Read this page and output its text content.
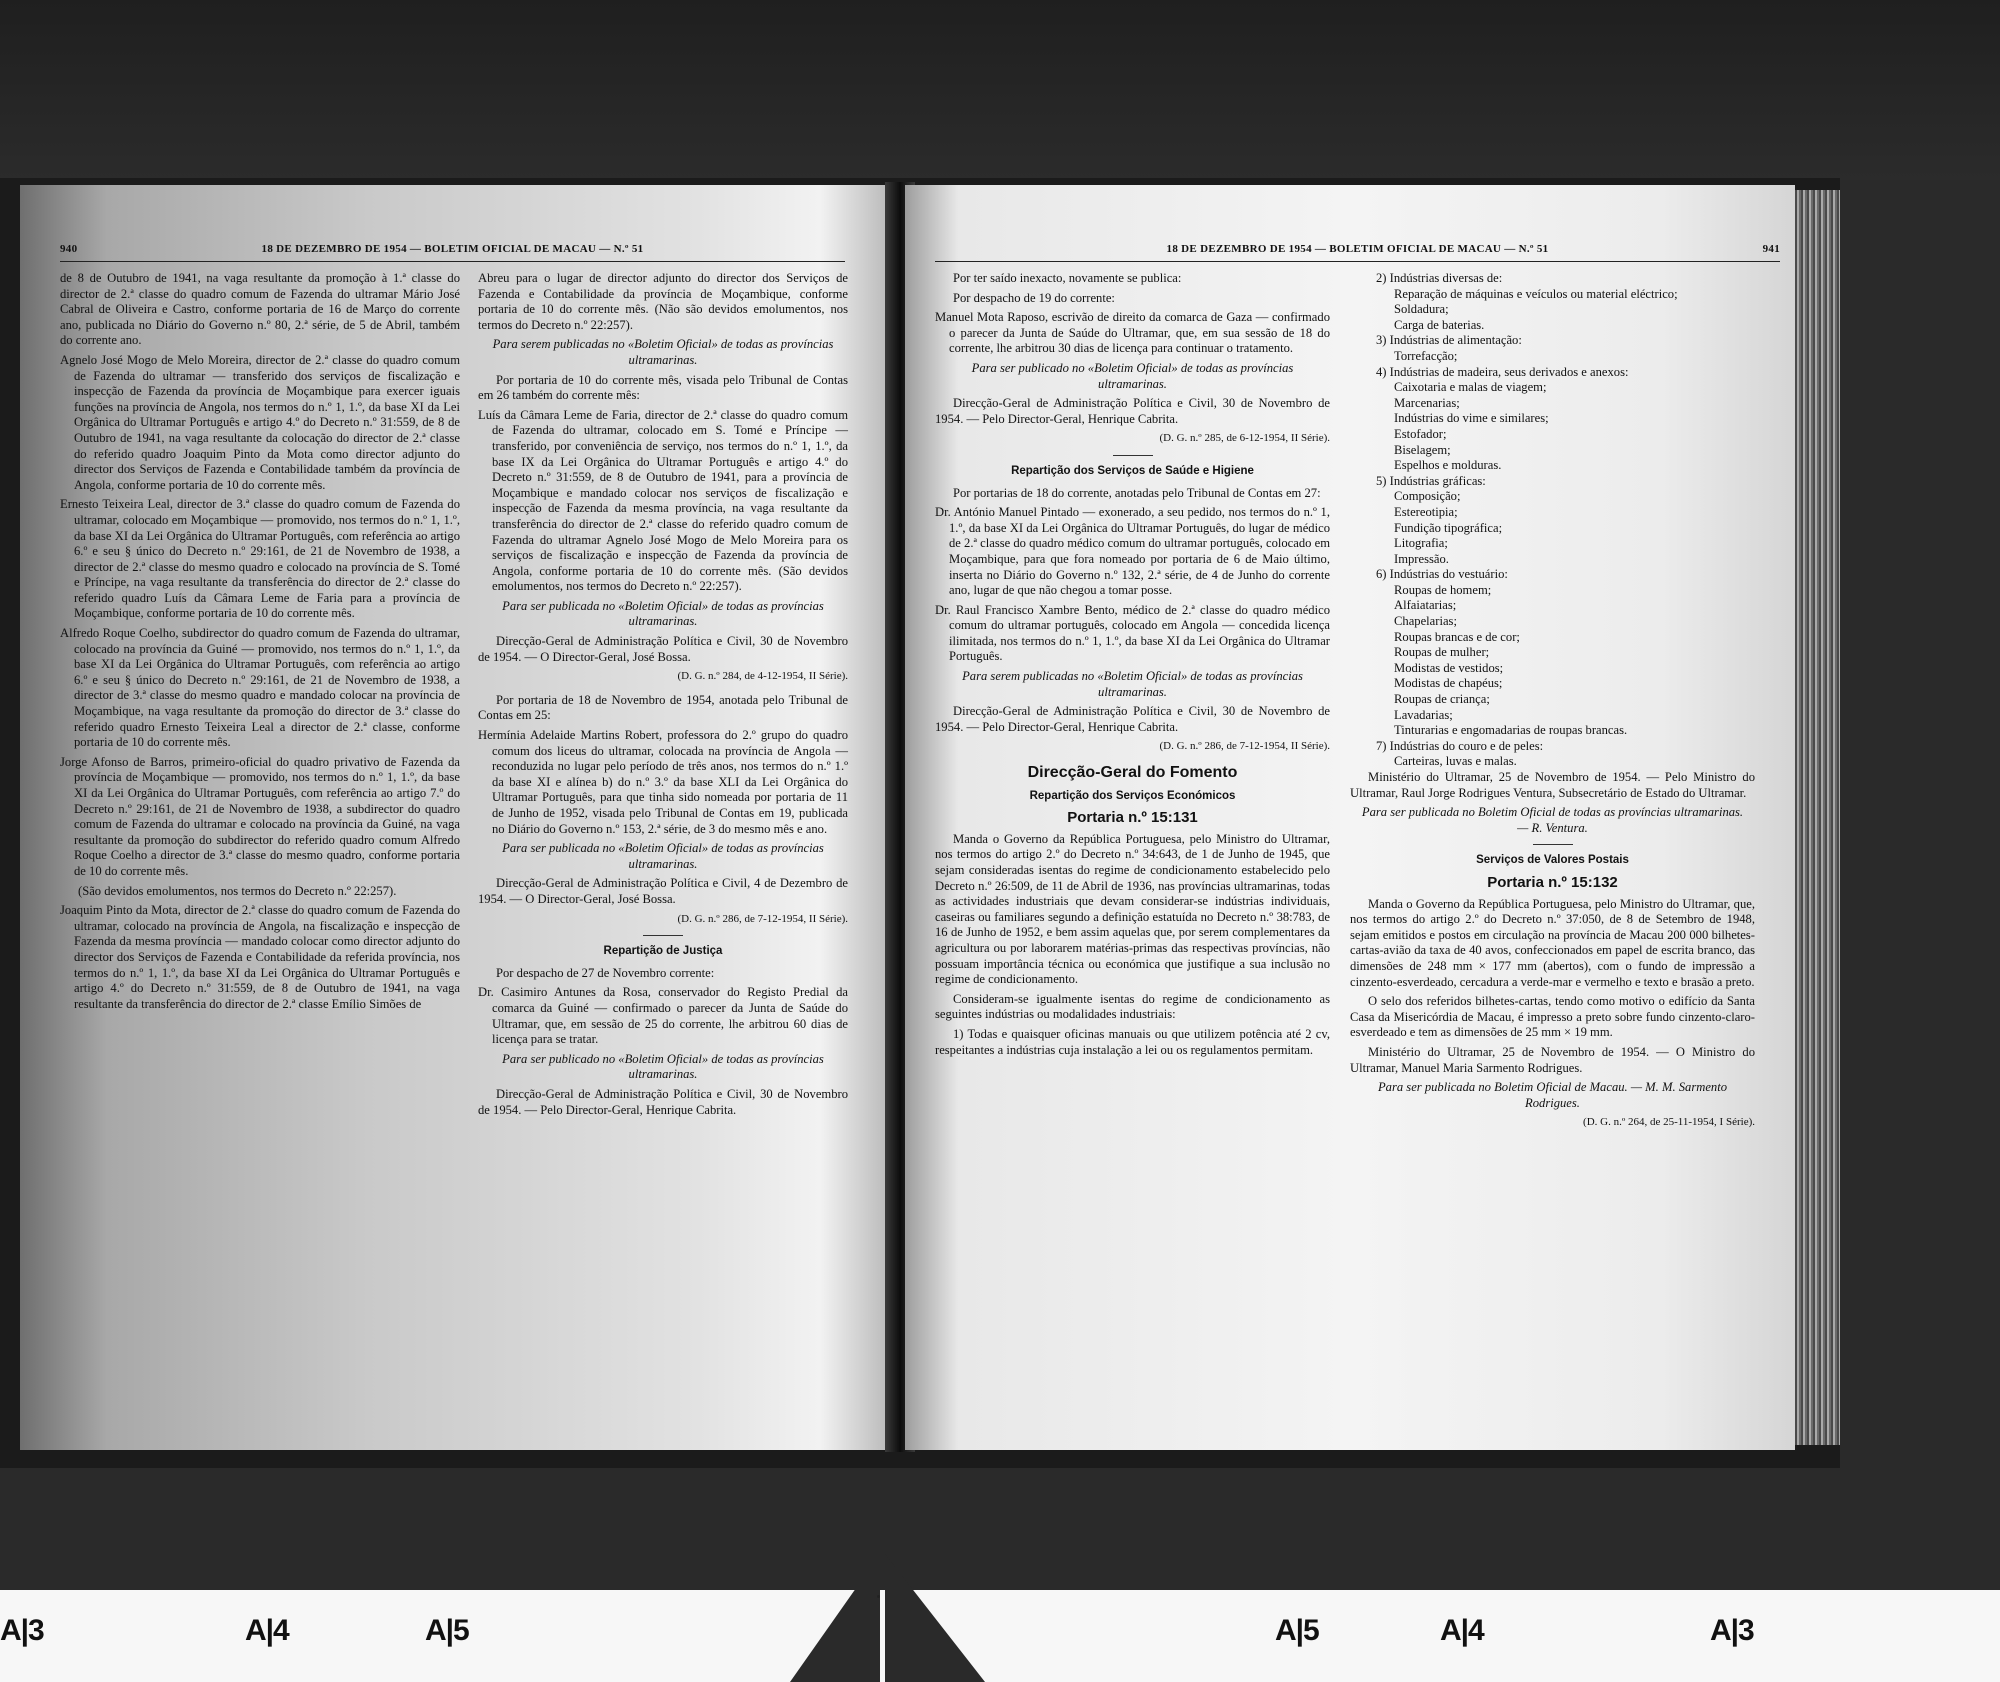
940	18 DE DEZEMBRO DE 1954 — BOLETIM OFICIAL DE MACAU — N.º 51

de 8 de Outubro de 1941, na vaga resultante da promoção à 1.ª classe do director de 2.ª classe do quadro comum de Fazenda do ultramar Mário José Cabral de Oliveira e Castro, conforme portaria de 16 de Março do corrente ano, publicada no Diário do Governo n.º 80, 2.ª série, de 5 de Abril, também do corrente ano.

Agnelo José Mogo de Melo Moreira, director de 2.ª classe do quadro comum de Fazenda do ultramar — transferido dos serviços de fiscalização e inspecção de Fazenda da província de Moçambique para exercer iguais funções na província de Angola, nos termos do n.º 1, 1.º, da base XI da Lei Orgânica do Ultramar Português e artigo 4.º do Decreto n.º 31:559, de 8 de Outubro de 1941, na vaga resultante da colocação do director de 2.ª classe do referido quadro Joaquim Pinto da Mota como director adjunto do director dos Serviços de Fazenda e Contabilidade também da província de Angola, conforme portaria de 10 do corrente mês.

Ernesto Teixeira Leal, director de 3.ª classe do quadro comum de Fazenda do ultramar, colocado em Moçambique — promovido, nos termos do n.º 1, 1.º, da base XI da Lei Orgânica do Ultramar Português, com referência ao artigo 6.º e seu § único do Decreto n.º 29:161, de 21 de Novembro de 1938, a director de 2.ª classe do mesmo quadro e colocado na província de S. Tomé e Príncipe, na vaga resultante da transferência do director de 2.ª classe do referido quadro Luís da Câmara Leme de Faria para a província de Moçambique, conforme portaria de 10 do corrente mês.

Alfredo Roque Coelho, subdirector do quadro comum de Fazenda do ultramar, colocado na província da Guiné — promovido, nos termos do n.º 1, 1.º, da base XI da Lei Orgânica do Ultramar Português, com referência ao artigo 6.º e seu § único do Decreto n.º 29:161, de 21 de Novembro de 1938, a director de 3.ª classe do mesmo quadro e mandado colocar na província de Moçambique, na vaga resultante da promoção do director de 3.ª classe do referido quadro Ernesto Teixeira Leal a director de 2.ª classe, conforme portaria de 10 do corrente mês.

Jorge Afonso de Barros, primeiro-oficial do quadro privativo de Fazenda da província de Moçambique — promovido, nos termos do n.º 1, 1.º, da base XI da Lei Orgânica do Ultramar Português, com referência ao artigo 7.º do Decreto n.º 29:161, de 21 de Novembro de 1938, a subdirector do quadro comum de Fazenda do ultramar e colocado na província da Guiné, na vaga resultante da promoção do subdirector do referido quadro comum Alfredo Roque Coelho a director de 3.ª classe do mesmo quadro, conforme portaria de 10 do corrente mês.

(São devidos emolumentos, nos termos do Decreto n.º 22:257).

Joaquim Pinto da Mota, director de 2.ª classe do quadro comum de Fazenda do ultramar, colocado na província de Angola, na fiscalização e inspecção de Fazenda da mesma província — mandado colocar como director adjunto do director dos Serviços de Fazenda e Contabilidade da referida província, nos termos do n.º 1, 1.º, da base XI da Lei Orgânica do Ultramar Português e artigo 4.º do Decreto n.º 31:559, de 8 de Outubro de 1941, na vaga resultante da transferência do director de 2.ª classe Emílio Simões de

Abreu para o lugar de director adjunto do director dos Serviços de Fazenda e Contabilidade da província de Moçambique, conforme portaria de 10 do corrente mês. (Não são devidos emolumentos, nos termos do Decreto n.º 22:257).

Para serem publicadas no «Boletim Oficial» de todas as províncias ultramarinas.

Por portaria de 10 do corrente mês, visada pelo Tribunal de Contas em 26 também do corrente mês:

Luís da Câmara Leme de Faria, director de 2.ª classe do quadro comum de Fazenda do ultramar, colocado em S. Tomé e Príncipe — transferido, por conveniência de serviço, nos termos do n.º 1, 1.º, da base IX da Lei Orgânica do Ultramar Português e artigo 4.º do Decreto n.º 31:559, de 8 de Outubro de 1941, para a província de Moçambique e mandado colocar nos serviços de fiscalização e inspecção de Fazenda da mesma província, na vaga resultante da transferência do director de 2.ª classe do referido quadro comum de Fazenda do ultramar Agnelo José Mogo de Melo Moreira para os serviços de fiscalização e inspecção de Fazenda da província de Angola, conforme portaria de 10 do corrente mês. (São devidos emolumentos, nos termos do Decreto n.º 22:257).

Para ser publicada no «Boletim Oficial» de todas as províncias ultramarinas.

Direcção-Geral de Administração Política e Civil, 30 de Novembro de 1954. — O Director-Geral, José Bossa.

(D. G. n.º 284, de 4-12-1954, II Série).

Por portaria de 18 de Novembro de 1954, anotada pelo Tribunal de Contas em 25:

Hermínia Adelaide Martins Robert, professora do 2.º grupo do quadro comum dos liceus do ultramar, colocada na província de Angola — reconduzida no lugar pelo período de três anos, nos termos do n.º 1.º da base XI e alínea b) do n.º 3.º da base XLI da Lei Orgânica do Ultramar Português, para que tinha sido nomeada por portaria de 11 de Junho de 1952, visada pelo Tribunal de Contas em 19, publicada no Diário do Governo n.º 153, 2.ª série, de 3 do mesmo mês e ano.

Para ser publicada no «Boletim Oficial» de todas as províncias ultramarinas.

Direcção-Geral de Administração Política e Civil, 4 de Dezembro de 1954. — O Director-Geral, José Bossa.

(D. G. n.º 286, de 7-12-1954, II Série).

Repartição de Justiça

Por despacho de 27 de Novembro corrente:

Dr. Casimiro Antunes da Rosa, conservador do Registo Predial da comarca da Guiné — confirmado o parecer da Junta de Saúde do Ultramar, que, em sessão de 25 do corrente, lhe arbitrou 60 dias de licença para se tratar.

Para ser publicado no «Boletim Oficial» de todas as províncias ultramarinas.

Direcção-Geral de Administração Política e Civil, 30 de Novembro de 1954. — Pelo Director-Geral, Henrique Cabrita.

18 DE DEZEMBRO DE 1954 — BOLETIM OFICIAL DE MACAU — N.º 51	941

Por ter saído inexacto, novamente se publica:

Por despacho de 19 do corrente:

Manuel Mota Raposo, escrivão de direito da comarca de Gaza — confirmado o parecer da Junta de Saúde do Ultramar, que, em sua sessão de 18 do corrente, lhe arbitrou 30 dias de licença para continuar o tratamento.

Para ser publicado no «Boletim Oficial» de todas as províncias ultramarinas.

Direcção-Geral de Administração Política e Civil, 30 de Novembro de 1954. — Pelo Director-Geral, Henrique Cabrita.

(D. G. n.º 285, de 6-12-1954, II Série).

Repartição dos Serviços de Saúde e Higiene

Por portarias de 18 do corrente, anotadas pelo Tribunal de Contas em 27:

Dr. António Manuel Pintado — exonerado, a seu pedido, nos termos do n.º 1, 1.º, da base XI da Lei Orgânica do Ultramar Português, do lugar de médico de 2.ª classe do quadro médico comum do ultramar português, colocado em Moçambique, para que fora nomeado por portaria de 6 de Maio último, inserta no Diário do Governo n.º 132, 2.ª série, de 4 de Junho do corrente ano, lugar de que não chegou a tomar posse.

Dr. Raul Francisco Xambre Bento, médico de 2.ª classe do quadro médico comum do ultramar português, colocado em Angola — concedida licença ilimitada, nos termos do n.º 1, 1.º, da base XI da Lei Orgânica do Ultramar Português.

Para serem publicadas no «Boletim Oficial» de todas as províncias ultramarinas.

Direcção-Geral de Administração Política e Civil, 30 de Novembro de 1954. — Pelo Director-Geral, Henrique Cabrita.

(D. G. n.º 286, de 7-12-1954, II Série).

Direcção-Geral do Fomento

Repartição dos Serviços Económicos

Portaria n.º 15:131

Manda o Governo da República Portuguesa, pelo Ministro do Ultramar, nos termos do artigo 2.º do Decreto n.º 34:643, de 1 de Junho de 1945, que sejam consideradas isentas do regime de condicionamento estabelecido pelo Decreto n.º 26:509, de 11 de Abril de 1936, nas províncias ultramarinas, todas as actividades industriais que devam considerar-se indústrias individuais, caseiras ou familiares segundo a definição estatuída no Decreto n.º 38:783, de 16 de Junho de 1952, e bem assim aquelas que, por serem complementares da agricultura ou por laborarem matérias-primas das respectivas províncias, não possuam importância técnica ou económica que justifique a sua inclusão no regime de condicionamento.

Consideram-se igualmente isentas do regime de condicionamento as seguintes indústrias ou modalidades industriais:

1) Todas e quaisquer oficinas manuais ou que utilizem potência até 2 cv, respeitantes a indústrias cuja instalação a lei ou os regulamentos permitam.

2) Indústrias diversas de:
Reparação de máquinas e veículos ou material eléctrico;
Soldadura;
Carga de baterias.
3) Indústrias de alimentação:
Torrefacção;
4) Indústrias de madeira, seus derivados e anexos:
Caixotaria e malas de viagem;
Marcenarias;
Indústrias do vime e similares;
Estofador;
Biselagem;
Espelhos e molduras.
5) Indústrias gráficas:
Composição;
Estereotipia;
Fundição tipográfica;
Litografia;
Impressão.
6) Indústrias do vestuário:
Roupas de homem;
Alfaiatarias;
Chapelarias;
Roupas brancas e de cor;
Roupas de mulher;
Modistas de vestidos;
Modistas de chapéus;
Roupas de criança;
Lavadarias;
Tinturarias e engomadarias de roupas brancas.
7) Indústrias do couro e de peles:
Carteiras, luvas e malas.

Ministério do Ultramar, 25 de Novembro de 1954. — Pelo Ministro do Ultramar, Raul Jorge Rodrigues Ventura, Subsecretário de Estado do Ultramar.

Para ser publicada no Boletim Oficial de todas as províncias ultramarinas. — R. Ventura.

Serviços de Valores Postais

Portaria n.º 15:132

Manda o Governo da República Portuguesa, pelo Ministro do Ultramar, que, nos termos do artigo 2.º do Decreto n.º 37:050, de 8 de Setembro de 1948, sejam emitidos e postos em circulação na província de Macau 200 000 bilhetes-cartas-avião da taxa de 40 avos, confeccionados em papel de escrita branco, das dimensões de 248 mm × 177 mm (abertos), com o fundo de impressão a cinzento-esverdeado, cercadura a verde-mar e vermelho e texto e brasão a preto.

O selo dos referidos bilhetes-cartas, tendo como motivo o edifício da Santa Casa da Misericórdia de Macau, é impresso a preto sobre fundo cinzento-claro-esverdeado e tem as dimensões de 25 mm × 19 mm.

Ministério do Ultramar, 25 de Novembro de 1954. — O Ministro do Ultramar, Manuel Maria Sarmento Rodrigues.

Para ser publicada no Boletim Oficial de Macau. — M. M. Sarmento Rodrigues.

(D. G. n.º 264, de 25-11-1954, I Série).

A|3	A|4	A|5	A|5	A|4	A|3
